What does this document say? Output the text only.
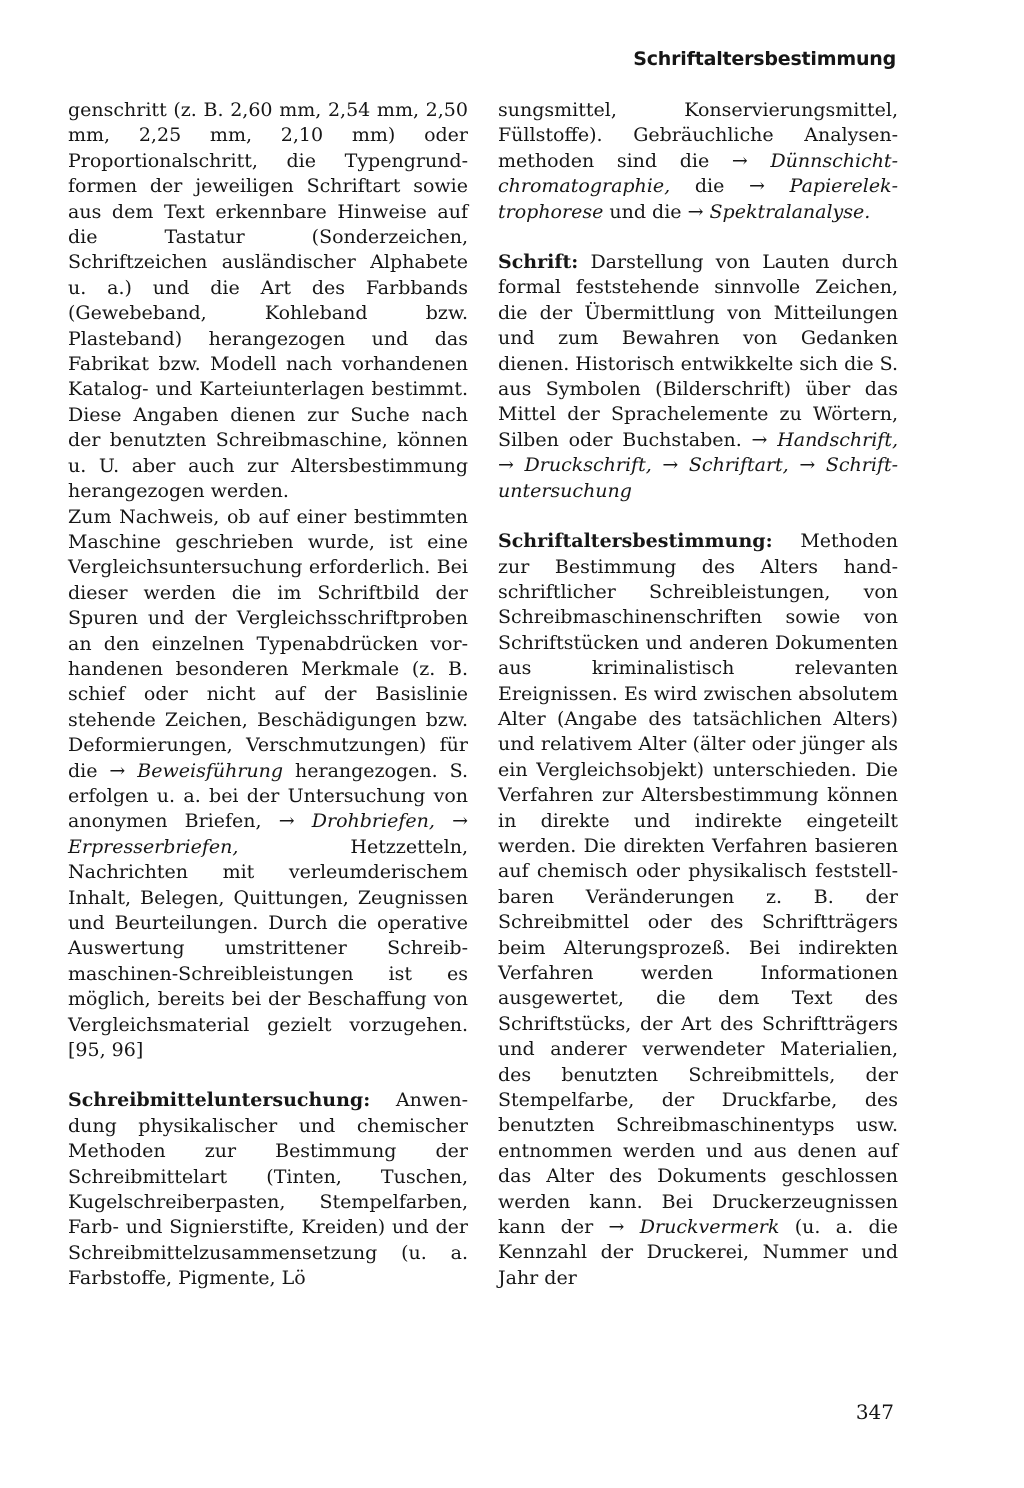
Schriftaltersbestimmung

genschritt (z. B. 2,60 mm, 2,54 mm, 2,50 mm, 2,25 mm, 2,10 mm) oder Proportionalschritt, die Typengrundformen der jeweiligen Schriftart sowie aus dem Text erkennbare Hinweise auf die Tastatur (Sonderzeichen, Schriftzeichen ausländischer Alphabete u. a.) und die Art des Farbbands (Gewebeband, Kohleband bzw. Plasteband) herangezogen und das Fabrikat bzw. Modell nach vorhandenen Katalog- und Karteiunterlagen bestimmt. Diese Angaben dienen zur Suche nach der benutzten Schreibmaschine, können u. U. aber auch zur Altersbestimmung herangezogen werden.

Zum Nachweis, ob auf einer bestimmten Maschine geschrieben wurde, ist eine Vergleichsuntersuchung erforderlich. Bei dieser werden die im Schriftbild der Spuren und der Vergleichsschriftproben an den einzelnen Typenabdrücken vorhandenen besonderen Merkmale (z. B. schief oder nicht auf der Basislinie stehende Zeichen, Beschädigungen bzw. Deformierungen, Verschmutzungen) für die → Beweisführung herangezogen. S. erfolgen u. a. bei der Untersuchung von anonymen Briefen, → Drohbriefen, → Erpresserbriefen, Hetzzetteln, Nachrichten mit verleumderischem Inhalt, Belegen, Quittungen, Zeugnissen und Beurteilungen. Durch die operative Auswertung umstrittener Schreibmaschinen-Schreibleistungen ist es möglich, bereits bei der Beschaffung von Vergleichsmaterial gezielt vorzugehen. [95, 96]

Schreibmitteluntersuchung: Anwendung physikalischer und chemischer Methoden zur Bestimmung der Schreibmittelart (Tinten, Tuschen, Kugelschreiberpasten, Stempelfarben, Farb- und Signierstifte, Kreiden) und der Schreibmittelzusammensetzung (u. a. Farbstoffe, Pigmente, Lö

sungsmittel, Konservierungsmittel, Füllstoffe). Gebräuchliche Analysenmethoden sind die → Dünnschichtchromatographie, die → Papierelektrophorese und die → Spektralanalyse.

Schrift: Darstellung von Lauten durch formal feststehende sinnvolle Zeichen, die der Übermittlung von Mitteilungen und zum Bewahren von Gedanken dienen. Historisch entwikkelte sich die S. aus Symbolen (Bilderschrift) über das Mittel der Sprachelemente zu Wörtern, Silben oder Buchstaben. → Handschrift, → Druckschrift, → Schriftart, → Schriftuntersuchung

Schriftaltersbestimmung: Methoden zur Bestimmung des Alters handschriftlicher Schreibleistungen, von Schreibmaschinenschriften sowie von Schriftstücken und anderen Dokumenten aus kriminalistisch relevanten Ereignissen. Es wird zwischen absolutem Alter (Angabe des tatsächlichen Alters) und relativem Alter (älter oder jünger als ein Vergleichsobjekt) unterschieden. Die Verfahren zur Altersbestimmung können in direkte und indirekte eingeteilt werden. Die direkten Verfahren basieren auf chemisch oder physikalisch feststellbaren Veränderungen z. B. der Schreibmittel oder des Schriftträgers beim Alterungsprozeß. Bei indirekten Verfahren werden Informationen ausgewertet, die dem Text des Schriftstücks, der Art des Schriftträgers und anderer verwendeter Materialien, des benutzten Schreibmittels, der Stempelfarbe, der Druckfarbe, des benutzten Schreibmaschinentyps usw. entnommen werden und aus denen auf das Alter des Dokuments geschlossen werden kann. Bei Druckerzeugnissen kann der → Druckvermerk (u. a. die Kennzahl der Druckerei, Nummer und Jahr der

347
